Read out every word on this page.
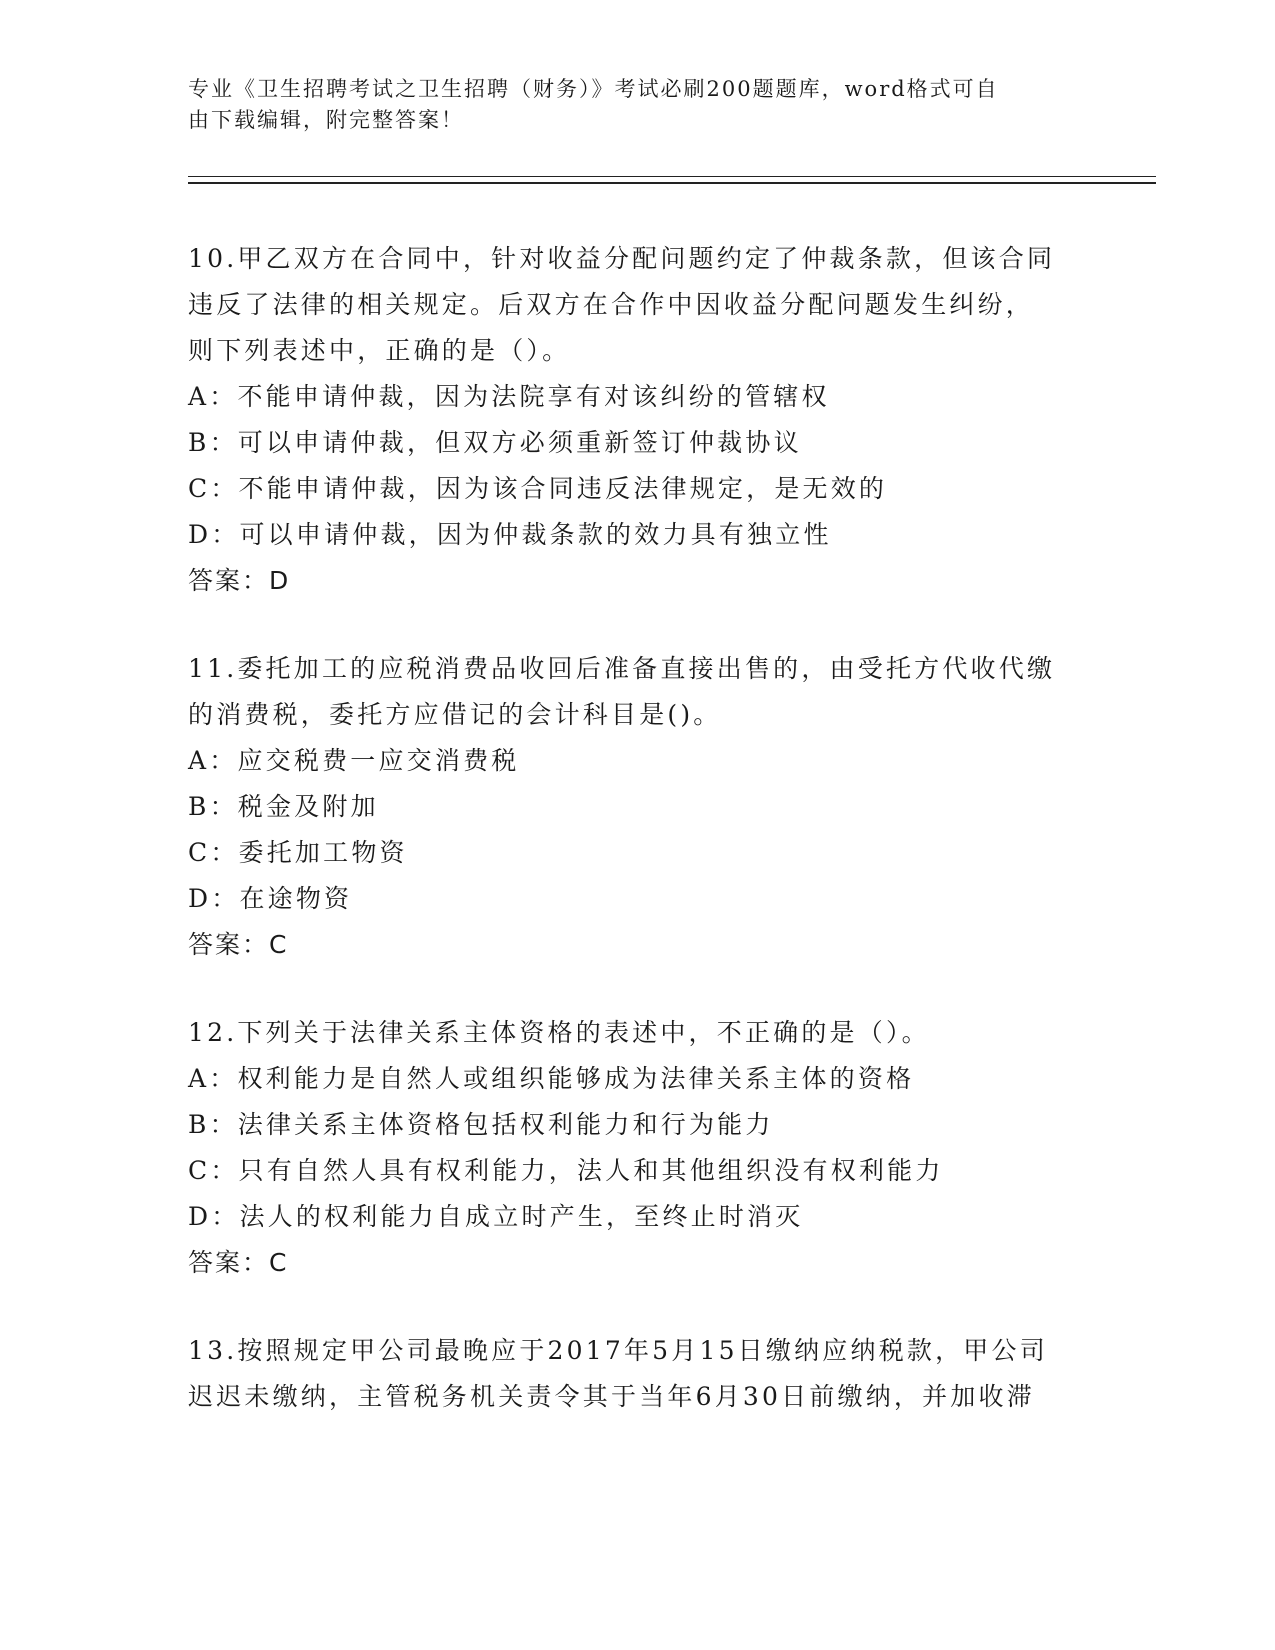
专业《卫生招聘考试之卫生招聘（财务）》考试必刷200题题库，word格式可自
由下载编辑，附完整答案！
10.甲乙双方在合同中，针对收益分配问题约定了仲裁条款，但该合同
违反了法律的相关规定。后双方在合作中因收益分配问题发生纠纷，
则下列表述中，正确的是（）。
A： 不能申请仲裁，因为法院享有对该纠纷的管辖权
B： 可以申请仲裁，但双方必须重新签订仲裁协议
C： 不能申请仲裁，因为该合同违反法律规定，是无效的
D： 可以申请仲裁，因为仲裁条款的效力具有独立性
答案：D
11.委托加工的应税消费品收回后准备直接出售的，由受托方代收代缴
的消费税，委托方应借记的会计科目是()。
A： 应交税费一应交消费税
B： 税金及附加
C： 委托加工物资
D： 在途物资
答案：C
12.下列关于法律关系主体资格的表述中，不正确的是（）。
A： 权利能力是自然人或组织能够成为法律关系主体的资格
B： 法律关系主体资格包括权利能力和行为能力
C： 只有自然人具有权利能力，法人和其他组织没有权利能力
D： 法人的权利能力自成立时产生，至终止时消灭
答案：C
13.按照规定甲公司最晚应于2017年5月15日缴纳应纳税款，甲公司
迟迟未缴纳，主管税务机关责令其于当年6月30日前缴纳，并加收滞
